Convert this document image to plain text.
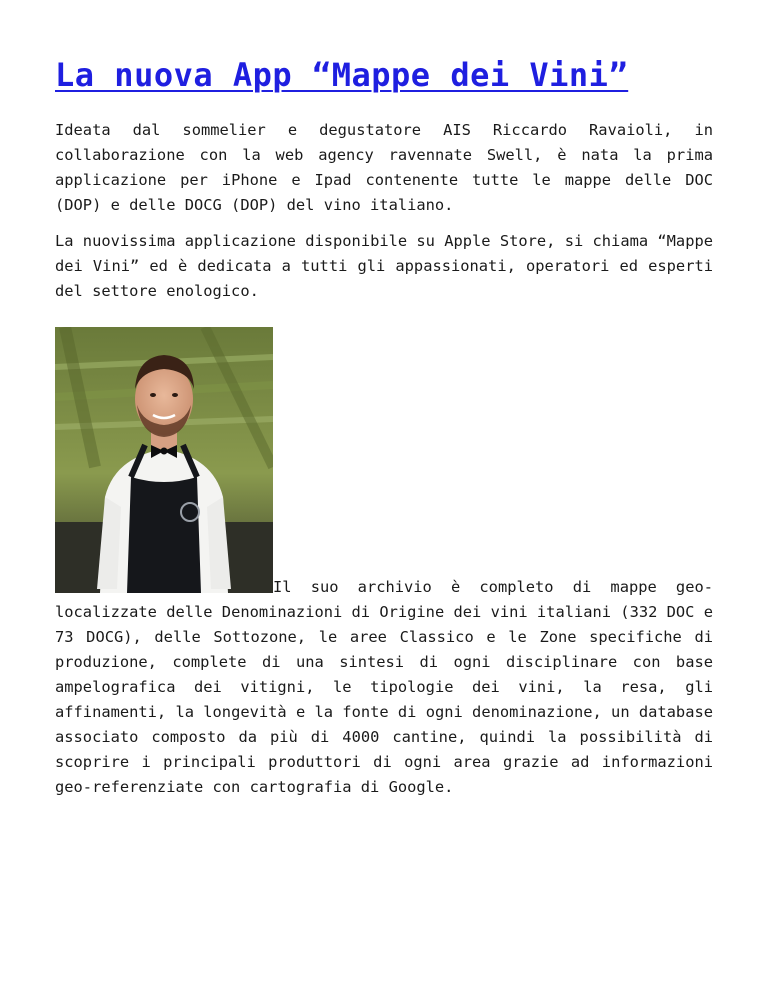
La nuova App “Mappe dei Vini”

Ideata dal sommelier e degustatore AIS Riccardo Ravaioli, in collaborazione con la web agency ravennate Swell, è nata la prima applicazione per iPhone e Ipad contenente tutte le mappe delle DOC (DOP) e delle DOCG (DOP) del vino italiano.

La nuovissima applicazione disponibile su Apple Store, si chiama “Mappe dei Vini” ed è dedicata a tutti gli appassionati, operatori ed esperti del settore enologico.

Il suo archivio è completo di mappe geo-localizzate delle Denominazioni di Origine dei vini italiani (332 DOC e 73 DOCG), delle Sottozone, le aree Classico e le Zone specifiche di produzione, complete di una sintesi di ogni disciplinare con base ampelografica dei vitigni, le tipologie dei vini, la resa, gli affinamenti, la longevità e la fonte di ogni denominazione, un database associato composto da più di 4000 cantine, quindi la possibilità di scoprire i principali produttori di ogni area grazie ad informazioni geo-referenziate con cartografia di Google.
